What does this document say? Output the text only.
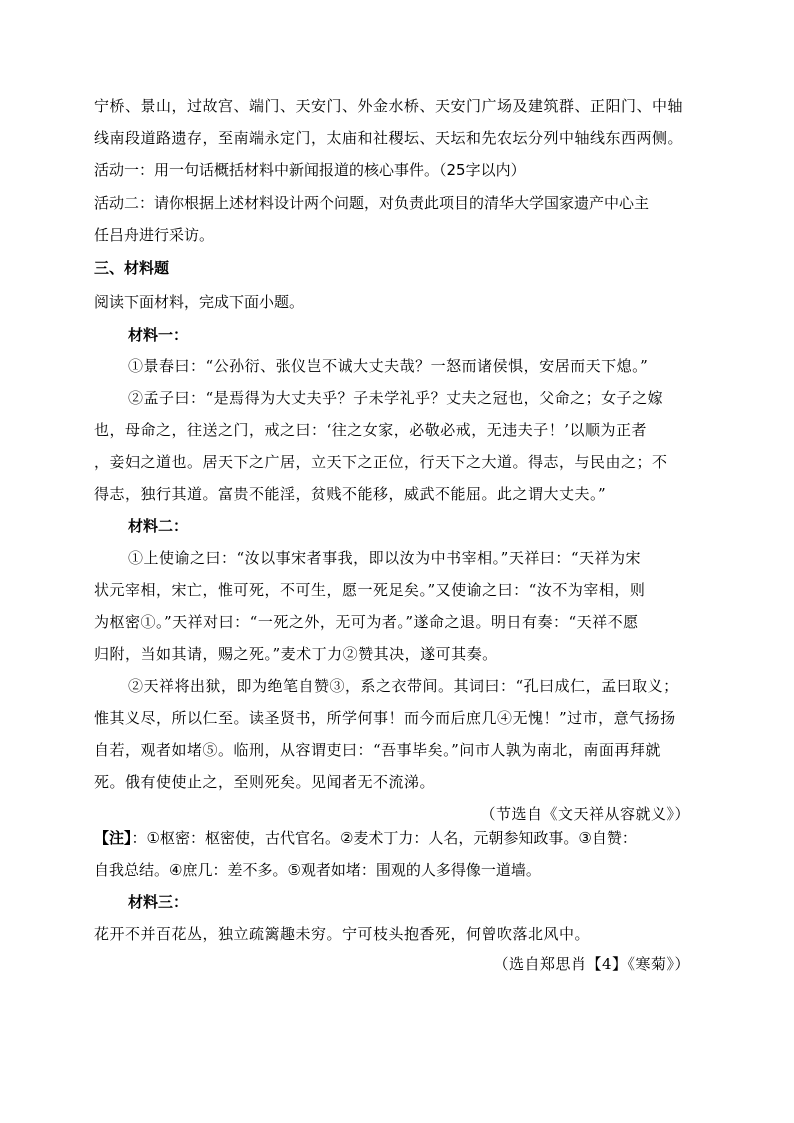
宁桥、景山，过故宫、端门、天安门、外金水桥、天安门广场及建筑群、正阳门、中轴
线南段道路遗存，至南端永定门，太庙和社稷坛、天坛和先农坛分列中轴线东西两侧。
活动一：用一句话概括材料中新闻报道的核心事件。（25字以内）
活动二：请你根据上述材料设计两个问题，对负责此项目的清华大学国家遗产中心主
任吕舟进行采访。
三、材料题
阅读下面材料，完成下面小题。
材料一：
①景春曰：“公孙衍、张仪岂不诚大丈夫哉？一怒而诸侯惧，安居而天下熄。”
②孟子曰：“是焉得为大丈夫乎？子未学礼乎？丈夫之冠也，父命之；女子之嫁
也，母命之，往送之门，戒之曰：‘往之女家，必敬必戒，无违夫子！’以顺为正者
，妾妇之道也。居天下之广居，立天下之正位，行天下之大道。得志，与民由之；不
得志，独行其道。富贵不能淫，贫贱不能移，威武不能屈。此之谓大丈夫。”
材料二：
①上使谕之曰：“汝以事宋者事我，即以汝为中书宰相。”天祥曰：“天祥为宋
状元宰相，宋亡，惟可死，不可生，愿一死足矣。”又使谕之曰：“汝不为宰相，则
为枢密①。”天祥对曰：“一死之外，无可为者。”遂命之退。明日有奏：“天祥不愿
归附，当如其请，赐之死。”麦术丁力②赞其决，遂可其奏。
②天祥将出狱，即为绝笔自赞③，系之衣带间。其词曰：“孔曰成仁，孟曰取义；
惟其义尽，所以仁至。读圣贤书，所学何事！而今而后庶几④无愧！”过市，意气扬扬
自若，观者如堵⑤。临刑，从容谓吏曰：“吾事毕矣。”问市人孰为南北，南面再拜就
死。俄有使使止之，至则死矣。见闻者无不流涕。
（节选自《文天祥从容就义》）
【注】：①枢密：枢密使，古代官名。②麦术丁力：人名，元朝参知政事。③自赞：
自我总结。④庶几：差不多。⑤观者如堵：围观的人多得像一道墙。
材料三：
花开不并百花丛，独立疏篱趣未穷。宁可枝头抱香死，何曾吹落北风中。
（选自郑思肖【4】《寒菊》）
